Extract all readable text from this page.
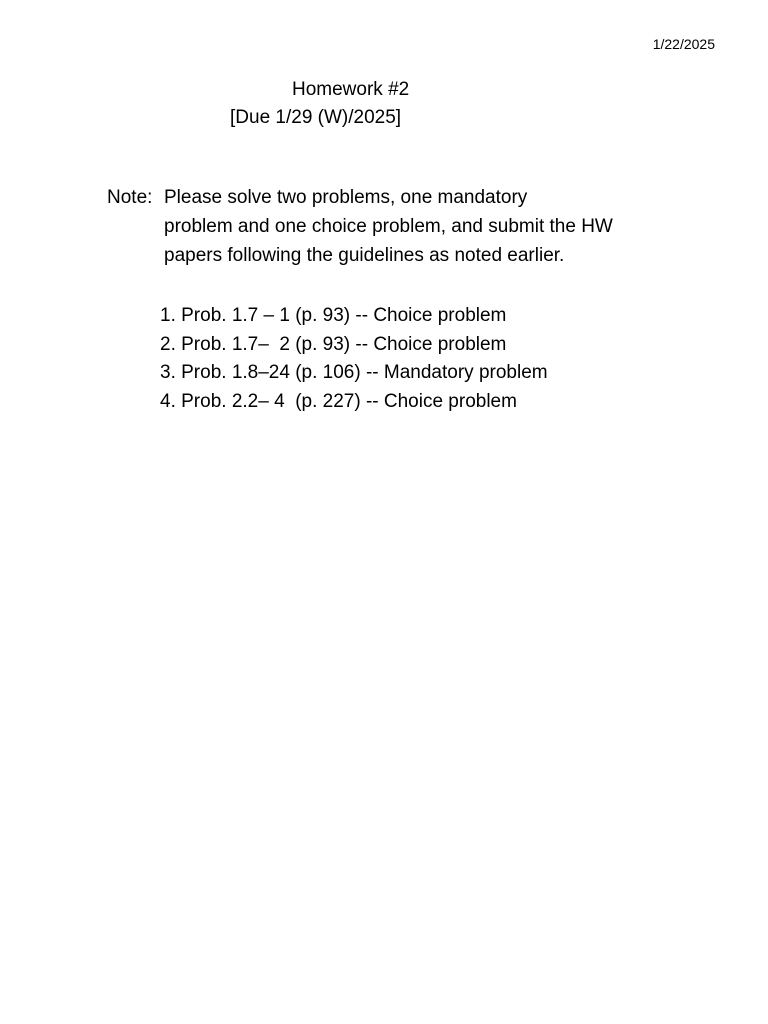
1/22/2025
Homework #2
[Due 1/29 (W)/2025]
Note: Please solve two problems, one mandatory
problem and one choice problem, and submit the HW
papers following the guidelines as noted earlier.
1. Prob. 1.7 – 1 (p. 93) -- Choice problem
2. Prob. 1.7–  2 (p. 93) -- Choice problem
3. Prob. 1.8–24 (p. 106) -- Mandatory problem
4. Prob. 2.2– 4  (p. 227) -- Choice problem
